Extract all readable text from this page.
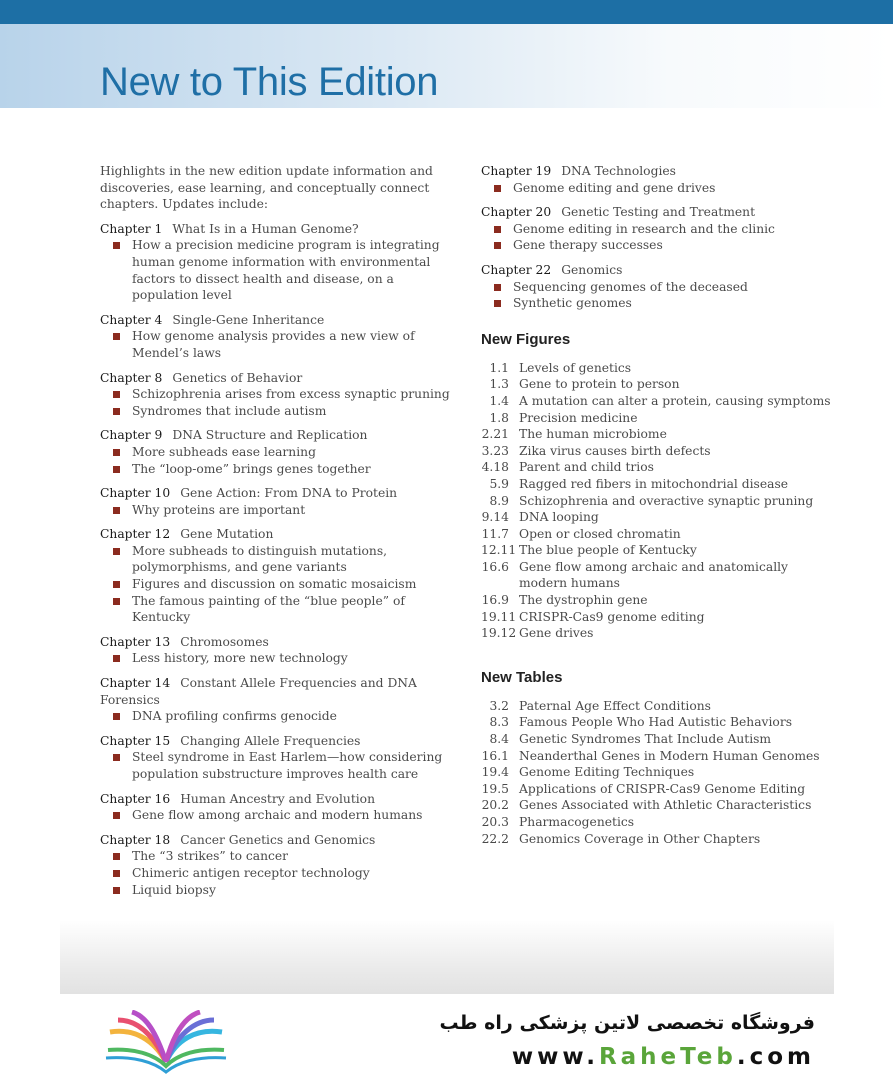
New to This Edition

Highlights in the new edition update information and discoveries, ease learning, and conceptually connect chapters. Updates include:

Chapter 1 What Is in a Human Genome?
How a precision medicine program is integrating human genome information with environmental factors to dissect health and disease, on a population level
Chapter 4 Single-Gene Inheritance
How genome analysis provides a new view of Mendel’s laws
Chapter 8 Genetics of Behavior
Schizophrenia arises from excess synaptic pruning
Syndromes that include autism
Chapter 9 DNA Structure and Replication
More subheads ease learning
The “loop-ome” brings genes together
Chapter 10 Gene Action: From DNA to Protein
Why proteins are important
Chapter 12 Gene Mutation
More subheads to distinguish mutations, polymorphisms, and gene variants
Figures and discussion on somatic mosaicism
The famous painting of the “blue people” of Kentucky
Chapter 13 Chromosomes
Less history, more new technology
Chapter 14 Constant Allele Frequencies and DNA Forensics
DNA profiling confirms genocide
Chapter 15 Changing Allele Frequencies
Steel syndrome in East Harlem—how considering population substructure improves health care
Chapter 16 Human Ancestry and Evolution
Gene flow among archaic and modern humans
Chapter 18 Cancer Genetics and Genomics
The “3 strikes” to cancer
Chimeric antigen receptor technology
Liquid biopsy
Chapter 19 DNA Technologies
Genome editing and gene drives
Chapter 20 Genetic Testing and Treatment
Genome editing in research and the clinic
Gene therapy successes
Chapter 22 Genomics
Sequencing genomes of the deceased
Synthetic genomes
New Figures
1.1 Levels of genetics
1.3 Gene to protein to person
1.4 A mutation can alter a protein, causing symptoms
1.8 Precision medicine
2.21 The human microbiome
3.23 Zika virus causes birth defects
4.18 Parent and child trios
5.9 Ragged red fibers in mitochondrial disease
8.9 Schizophrenia and overactive synaptic pruning
9.14 DNA looping
11.7 Open or closed chromatin
12.11 The blue people of Kentucky
16.6 Gene flow among archaic and anatomically modern humans
16.9 The dystrophin gene
19.11 CRISPR-Cas9 genome editing
19.12 Gene drives
New Tables
3.2 Paternal Age Effect Conditions
8.3 Famous People Who Had Autistic Behaviors
8.4 Genetic Syndromes That Include Autism
16.1 Neanderthal Genes in Modern Human Genomes
19.4 Genome Editing Techniques
19.5 Applications of CRISPR-Cas9 Genome Editing
20.2 Genes Associated with Athletic Characteristics
20.3 Pharmacogenetics
22.2 Genomics Coverage in Other Chapters
فروشگاه تخصصی لاتین پزشکی راه طب
www.RaheTeb.com
